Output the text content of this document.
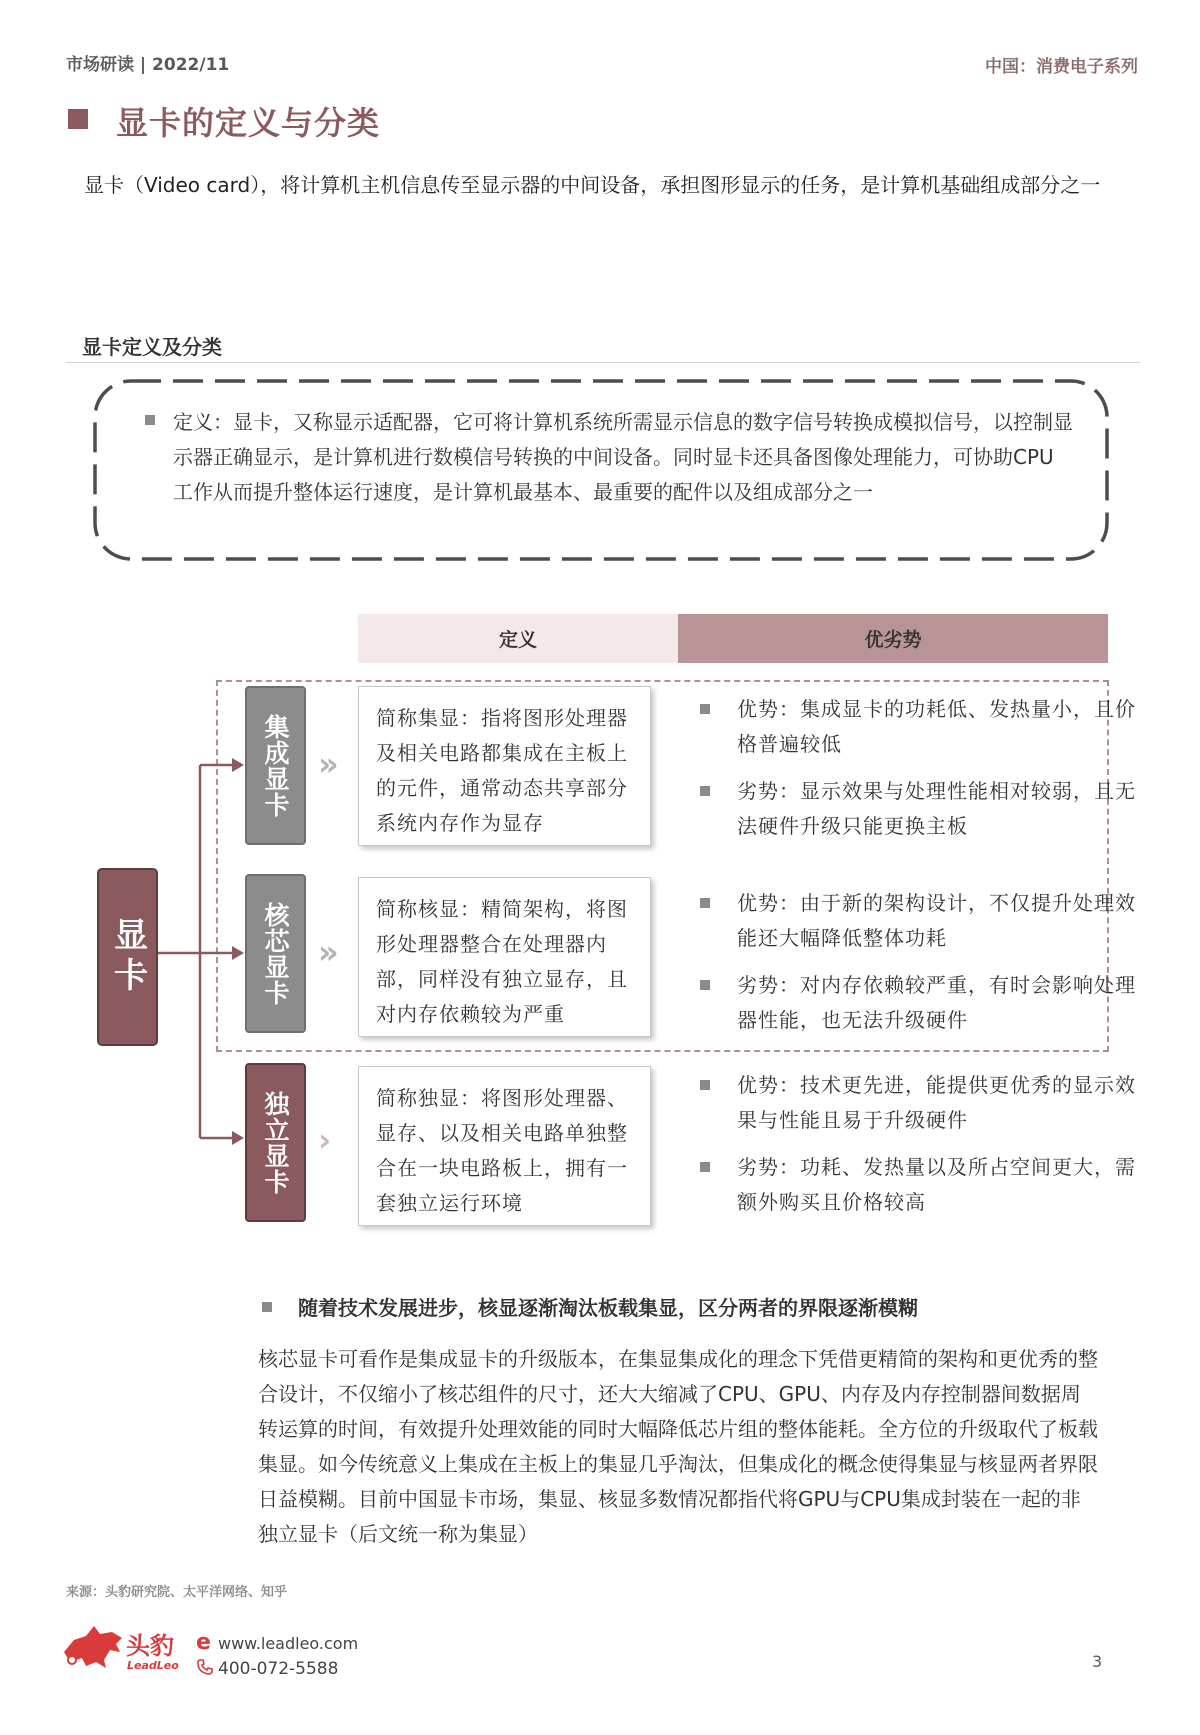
市场研读 | 2022/11	中国：消费电子系列
显卡的定义与分类
显卡（Video card），将计算机主机信息传至显示器的中间设备，承担图形显示的任务，是计算机基础组成部分之一
显卡定义及分类
定义：显卡，又称显示适配器，它可将计算机系统所需显示信息的数字信号转换成模拟信号，以控制显示器正确显示，是计算机进行数模信号转换的中间设备。同时显卡还具备图像处理能力，可协助CPU工作从而提升整体运行速度，是计算机最基本、最重要的配件以及组成部分之一
定义	优劣势
显卡
集成显卡 »
简称集显：指将图形处理器及相关电路都集成在主板上的元件，通常动态共享部分系统内存作为显存
优势：集成显卡的功耗低、发热量小，且价格普遍较低
劣势：显示效果与处理性能相对较弱，且无法硬件升级只能更换主板
核芯显卡 »
简称核显：精简架构，将图形处理器整合在处理器内部，同样没有独立显存，且对内存依赖较为严重
优势：由于新的架构设计，不仅提升处理效能还大幅降低整体功耗
劣势：对内存依赖较严重，有时会影响处理器性能，也无法升级硬件
独立显卡 ›
简称独显：将图形处理器、显存、以及相关电路单独整合在一块电路板上，拥有一套独立运行环境
优势：技术更先进，能提供更优秀的显示效果与性能且易于升级硬件
劣势：功耗、发热量以及所占空间更大，需额外购买且价格较高
随着技术发展进步，核显逐渐淘汰板载集显，区分两者的界限逐渐模糊
核芯显卡可看作是集成显卡的升级版本，在集显集成化的理念下凭借更精简的架构和更优秀的整合设计，不仅缩小了核芯组件的尺寸，还大大缩减了CPU、GPU、内存及内存控制器间数据周转运算的时间，有效提升处理效能的同时大幅降低芯片组的整体能耗。全方位的升级取代了板载集显。如今传统意义上集成在主板上的集显几乎淘汰，但集成化的概念使得集显与核显两者界限日益模糊。目前中国显卡市场，集显、核显多数情况都指代将GPU与CPU集成封装在一起的非独立显卡（后文统一称为集显）
来源：头豹研究院、太平洋网络、知乎
头豹
LeadLeo
e www.leadleo.com
400-072-5588	3
